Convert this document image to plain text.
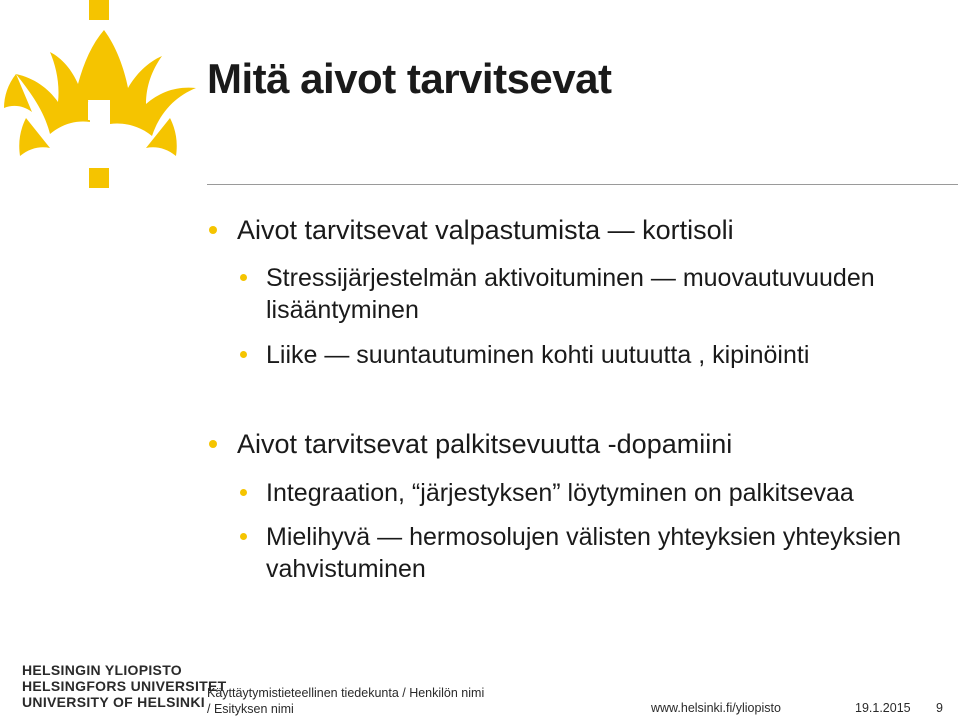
Mitä aivot tarvitsevat
Aivot tarvitsevat valpastumista — kortisoli
Stressijärjestelmän aktivoituminen — muovautuvuuden lisääntyminen
Liike — suuntautuminen kohti uutuutta , kipinöinti
Aivot tarvitsevat palkitsevuutta -dopamiini
Integraation, “järjestyksen” löytyminen on palkitsevaa
Mielihyvä — hermosolujen välisten yhteyksien yhteyksien vahvistuminen
HELSINGIN YLIOPISTO
HELSINGFORS UNIVERSITET
UNIVERSITY OF HELSINKI
Käyttäytymistieteellinen tiedekunta / Henkilön nimi
/ Esityksen nimi	www.helsinki.fi/yliopisto	19.1.2015 9
